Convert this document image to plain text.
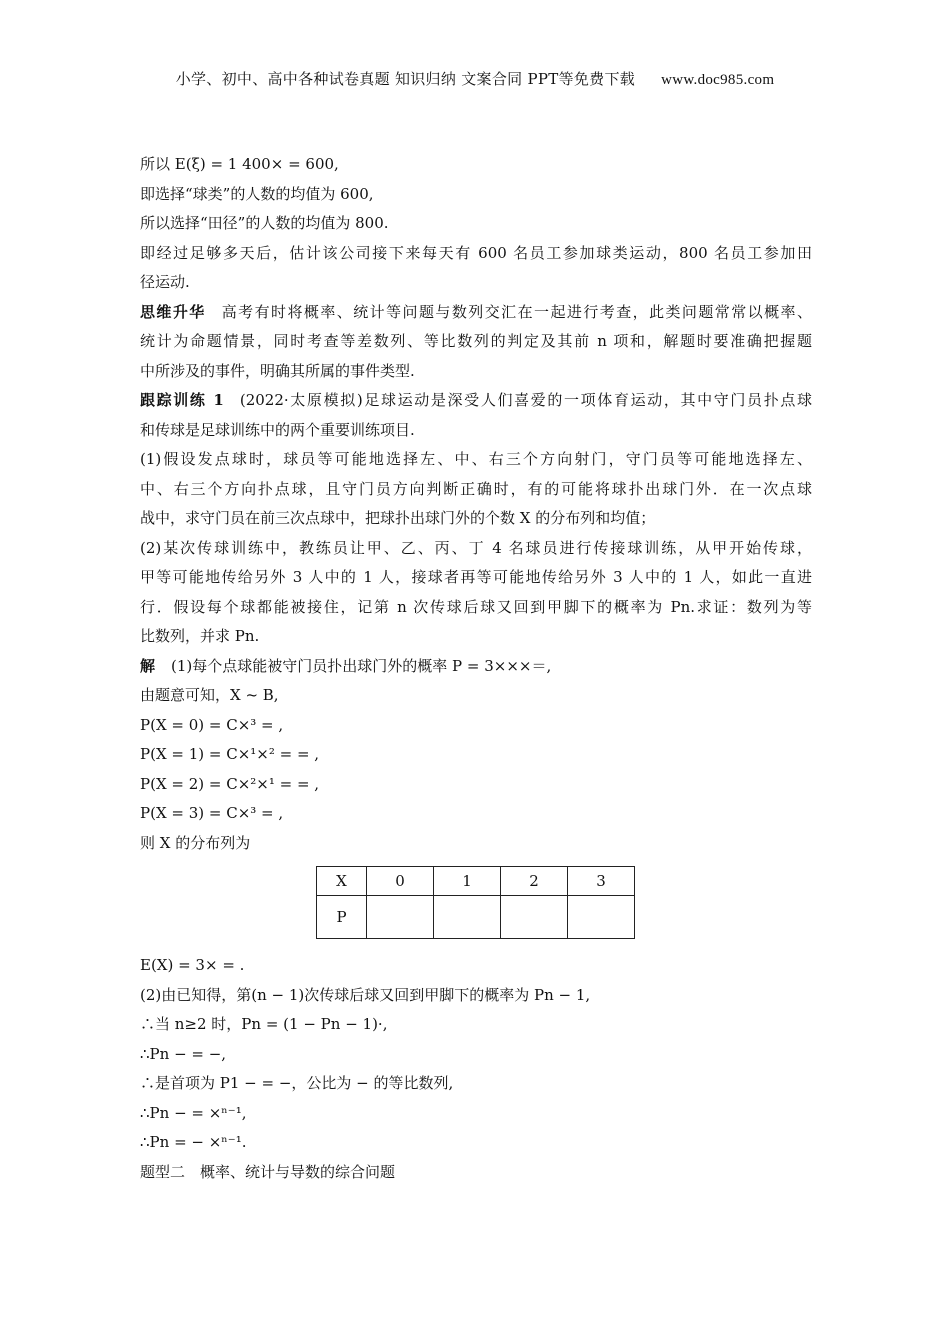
小学、初中、高中各种试卷真题 知识归纳 文案合同 PPT等免费下载 www.doc985.com
所以 E(ξ) = 1 400× = 600,
即选择“球类”的人数的均值为 600,
所以选择“田径”的人数的均值为 800.
即经过足够多天后，估计该公司接下来每天有 600 名员工参加球类运动，800 名员工参加田
径运动.
思维升华 高考有时将概率、统计等问题与数列交汇在一起进行考查，此类问题常常以概率、
统计为命题情景，同时考查等差数列、等比数列的判定及其前 n 项和，解题时要准确把握题
中所涉及的事件，明确其所属的事件类型.
跟踪训练 1 (2022·太原模拟)足球运动是深受人们喜爱的一项体育运动，其中守门员扑点球
和传球是足球训练中的两个重要训练项目.
(1)假设发点球时，球员等可能地选择左、中、右三个方向射门，守门员等可能地选择左、
中、右三个方向扑点球，且守门员方向判断正确时，有的可能将球扑出球门外．在一次点球
战中，求守门员在前三次点球中，把球扑出球门外的个数 X 的分布列和均值；
(2)某次传球训练中，教练员让甲、乙、丙、丁 4 名球员进行传接球训练，从甲开始传球，
甲等可能地传给另外 3 人中的 1 人，接球者再等可能地传给另外 3 人中的 1 人，如此一直进
行．假设每个球都能被接住，记第 n 次传球后球又回到甲脚下的概率为 Pn.求证：数列为等
比数列，并求 Pn.
解 (1)每个点球能被守门员扑出球门外的概率 P = 3×××＝,
由题意可知，X ~ B,
P(X = 0) = C×³ = ,
P(X = 1) = C×¹×² = = ,
P(X = 2) = C×²×¹ = = ,
P(X = 3) = C×³ = ,
则 X 的分布列为
X	0	1	2	3
P				
E(X) = 3× = .
(2)由已知得，第(n − 1)次传球后球又回到甲脚下的概率为 Pn − 1,
∴当 n≥2 时，Pn = (1 − Pn − 1)·,
∴Pn − = −,
∴是首项为 P1 − = −，公比为 − 的等比数列,
∴Pn − = ×ⁿ⁻¹,
∴Pn = − ×ⁿ⁻¹.
题型二　概率、统计与导数的综合问题
